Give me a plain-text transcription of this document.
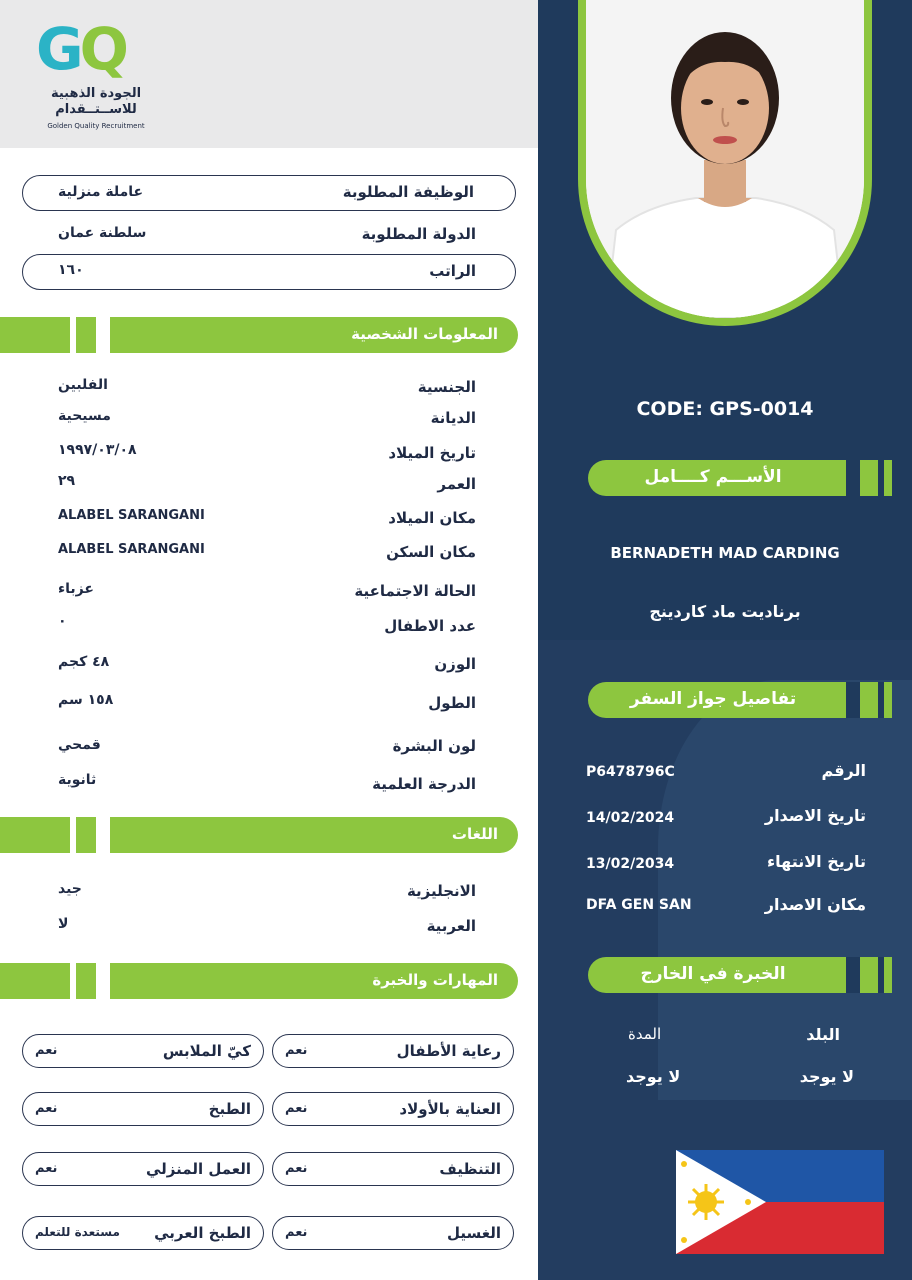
GQ
الجودة الذهبية
للاســتــقدام
Golden Quality Recruitment
الوظيفة المطلوبة
عاملة منزلية
الدولة المطلوبة
سلطنة عمان
الراتب
١٦٠
المعلومات الشخصية
الجنسية
الفلبين
الديانة
مسيحية
تاريخ الميلاد
١٩٩٧/٠٣/٠٨
العمر
٢٩
مكان الميلاد
ALABEL SARANGANI
مكان السكن
ALABEL SARANGANI
الحالة الاجتماعية
عزباء
عدد الاطفال
٠
الوزن
٤٨ كجم
الطول
١٥٨ سم
لون البشرة
قمحي
الدرجة العلمية
ثانوية
اللغات
الانجليزية
جيد
العربية
لا
المهارات والخبرة
رعاية الأطفال
نعم
كيّ الملابس
نعم
العناية بالأولاد
نعم
الطبخ
نعم
التنظيف
نعم
العمل المنزلي
نعم
الغسيل
نعم
الطبخ العربي
مستعدة للتعلم
CODE: GPS-0014
الأســـم كــــامل
BERNADETH MAD CARDING
برناديت ماد كاردينج
تفاصيل جواز السفر
الرقم
P6478796C
تاريخ الاصدار
14/02/2024
تاريخ الانتهاء
13/02/2034
مكان الاصدار
DFA GEN SAN
الخبرة في الخارج
البلد
المدة
لا يوجد
لا يوجد
